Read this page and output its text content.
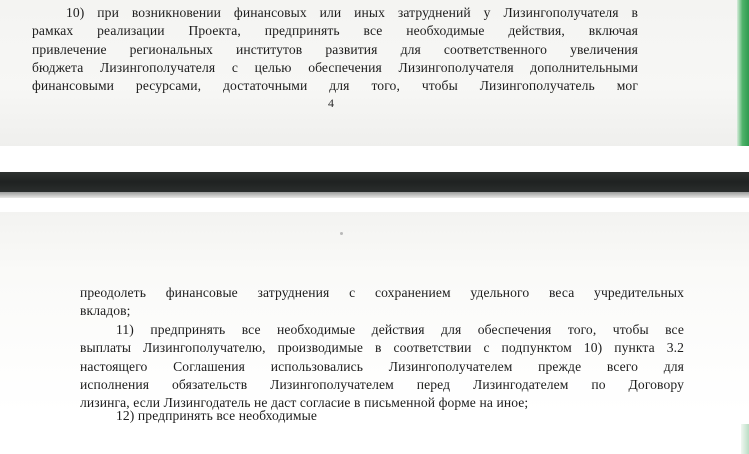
10) при возникновении финансовых или иных затруднений у Лизингополучателя в
рамках реализации Проекта, предпринять все необходимые действия, включая
привлечение региональных институтов развития для соответственного увеличения
бюджета Лизингополучателя с целью обеспечения Лизингополучателя дополнительными
финансовыми ресурсами, достаточными для того, чтобы Лизингополучатель мог
4
преодолеть финансовые затруднения с сохранением удельного веса учредительных
вкладов;
11) предпринять все необходимые действия для обеспечения того, чтобы все
выплаты Лизингополучателю, производимые в соответствии с подпунктом 10) пункта 3.2
настоящего Соглашения использовались Лизингополучателем прежде всего для
исполнения обязательств Лизингополучателем перед Лизингодателем по Договору
лизинга, если Лизингодатель не даст согласие в письменной форме на иное;
12) предпринять все необходимые
